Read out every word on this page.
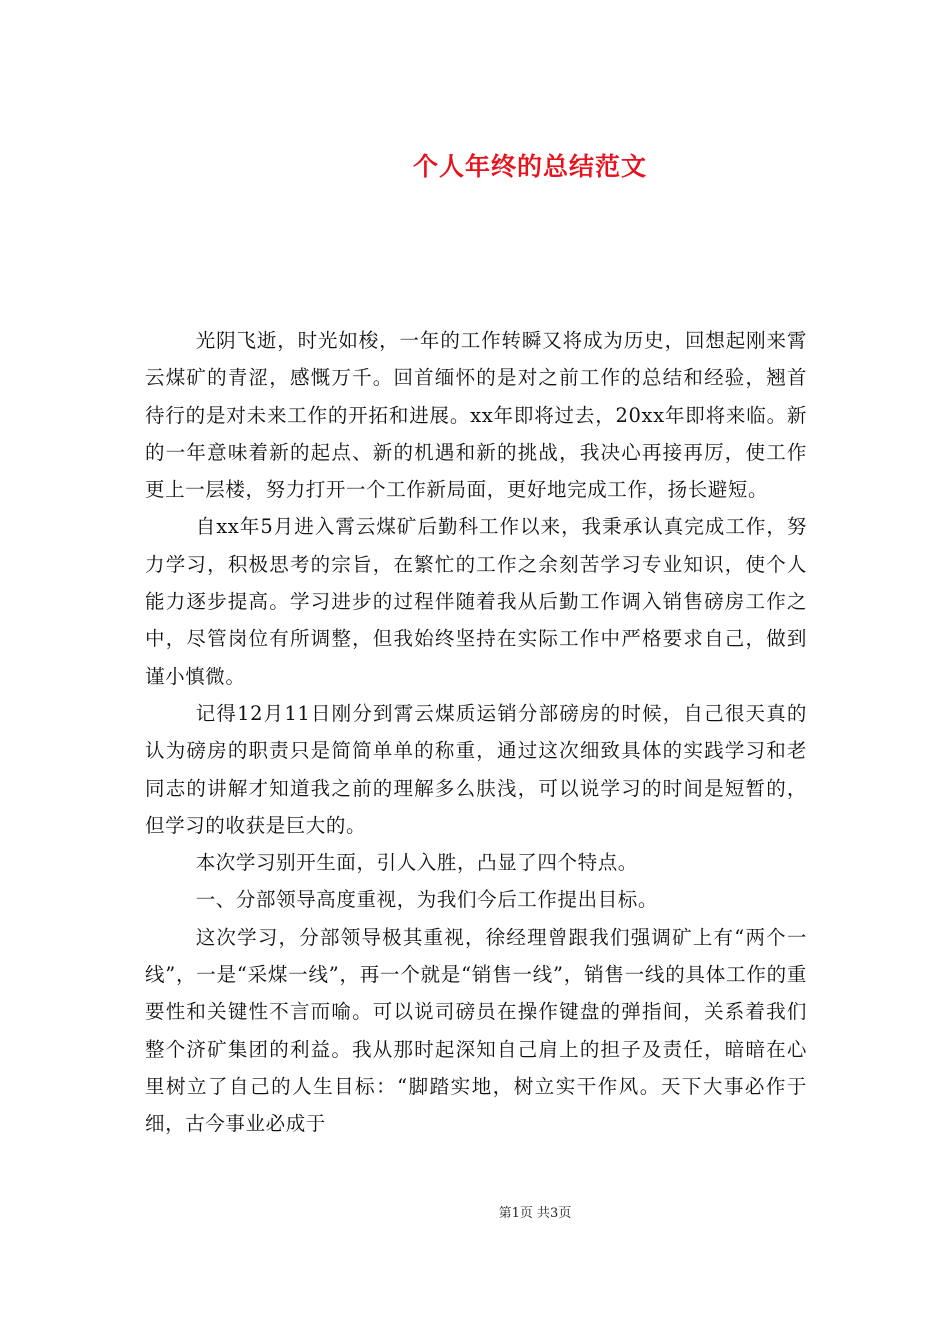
个人年终的总结范文

光阴飞逝，时光如梭，一年的工作转瞬又将成为历史，回想起刚来霄云煤矿的青涩，感慨万千。回首缅怀的是对之前工作的总结和经验，翘首待行的是对未来工作的开拓和进展。xx年即将过去，20xx年即将来临。新的一年意味着新的起点、新的机遇和新的挑战，我决心再接再厉，使工作更上一层楼，努力打开一个工作新局面，更好地完成工作，扬长避短。

自xx年5月进入霄云煤矿后勤科工作以来，我秉承认真完成工作，努力学习，积极思考的宗旨，在繁忙的工作之余刻苦学习专业知识，使个人能力逐步提高。学习进步的过程伴随着我从后勤工作调入销售磅房工作之中，尽管岗位有所调整，但我始终坚持在实际工作中严格要求自己，做到谨小慎微。

记得12月11日刚分到霄云煤质运销分部磅房的时候，自己很天真的认为磅房的职责只是简简单单的称重，通过这次细致具体的实践学习和老同志的讲解才知道我之前的理解多么肤浅，可以说学习的时间是短暂的，但学习的收获是巨大的。

本次学习别开生面，引人入胜，凸显了四个特点。

一、分部领导高度重视，为我们今后工作提出目标。

这次学习，分部领导极其重视，徐经理曾跟我们强调矿上有“两个一线”，一是“采煤一线”，再一个就是“销售一线”，销售一线的具体工作的重要性和关键性不言而喻。可以说司磅员在操作键盘的弹指间，关系着我们整个济矿集团的利益。我从那时起深知自己肩上的担子及责任，暗暗在心里树立了自己的人生目标：“脚踏实地，树立实干作风。天下大事必作于细，古今事业必成于

第1页 共3页
